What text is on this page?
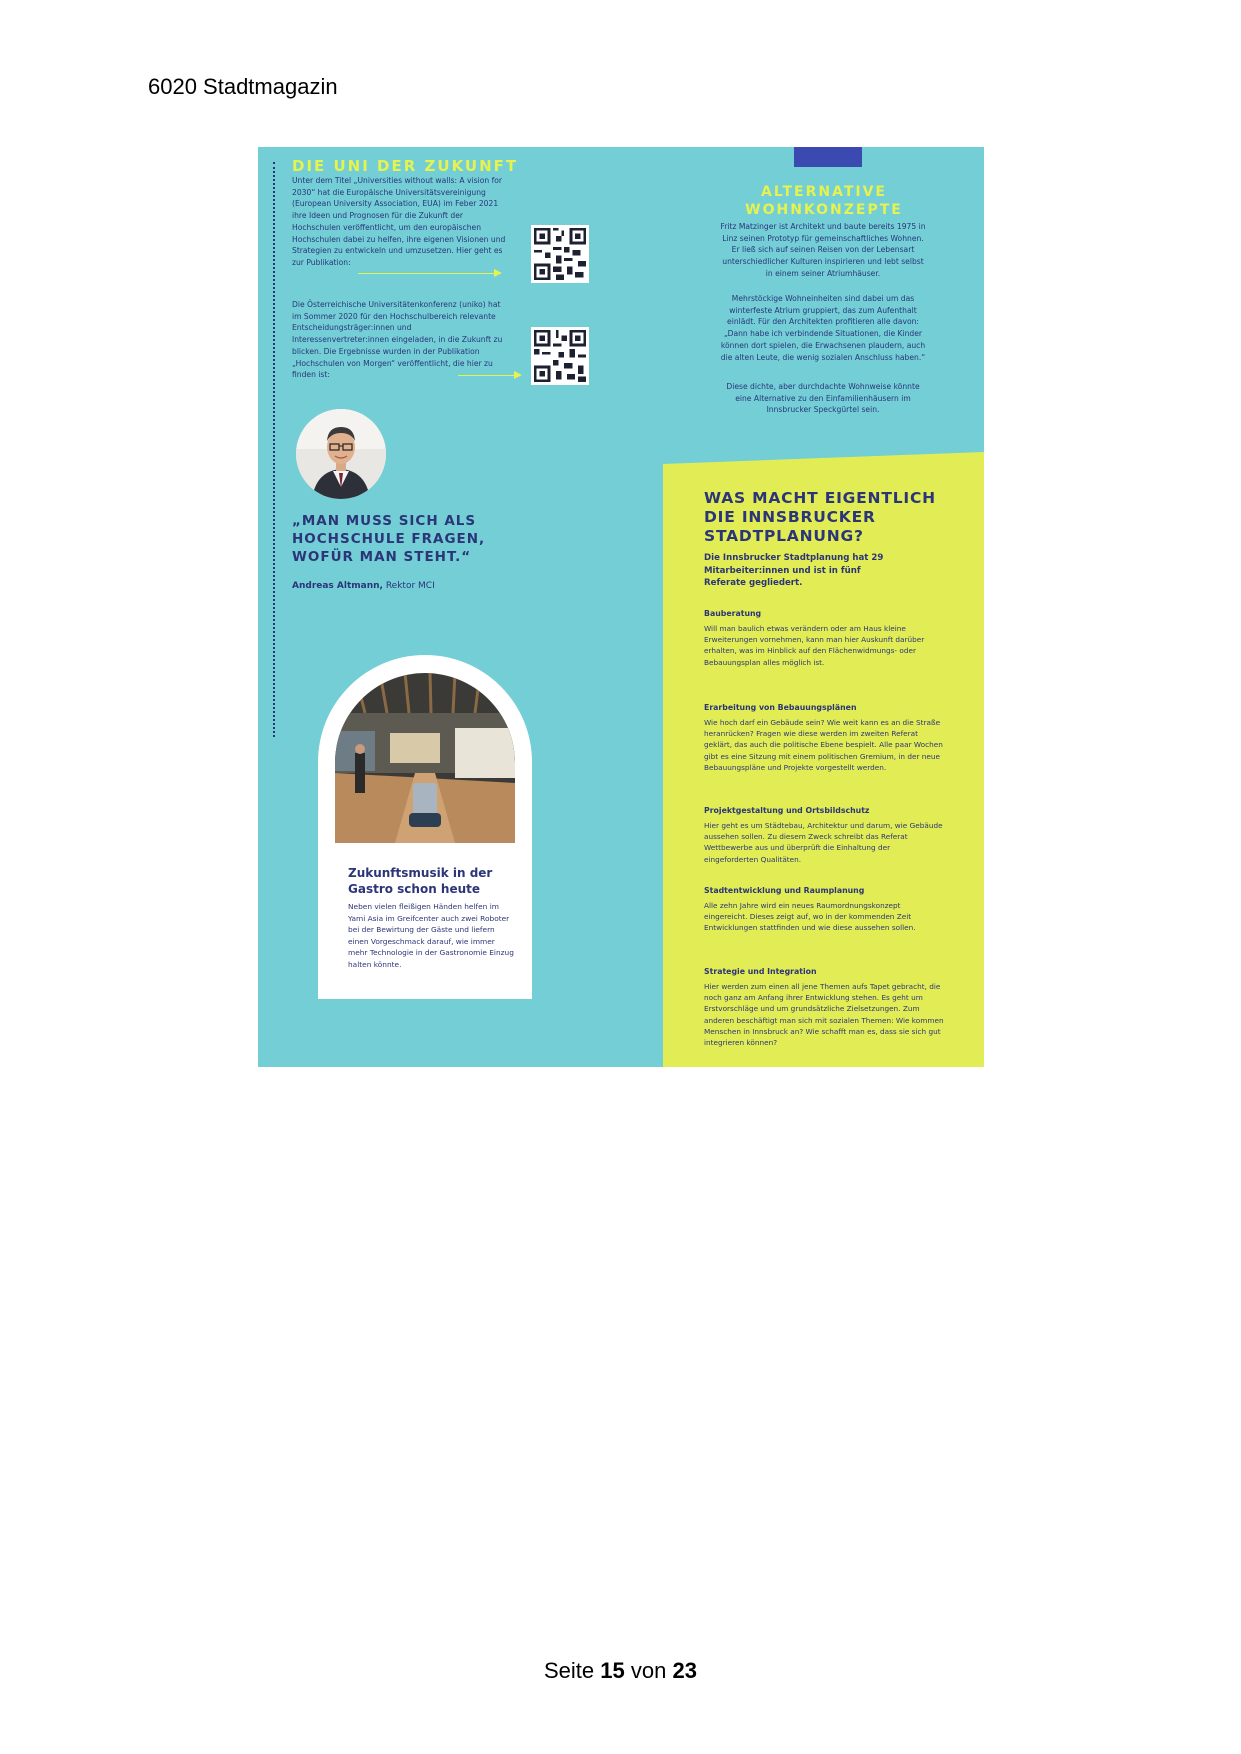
6020 Stadtmagazin
DIE UNI DER ZUKUNFT
Unter dem Titel „Universities without walls: A vision for 2030“ hat die Europäische Universitätsvereinigung (European University Association, EUA) im Feber 2021 ihre Ideen und Prognosen für die Zukunft der Hochschulen veröffentlicht, um den europäischen Hochschulen dabei zu helfen, ihre eigenen Visionen und Strategien zu entwickeln und umzusetzen. Hier geht es zur Publikation:
Die Österreichische Universitätenkonferenz (uniko) hat im Sommer 2020 für den Hochschulbereich relevante Entscheidungsträger:innen und Interessenvertreter:innen eingeladen, in die Zukunft zu blicken. Die Ergebnisse wurden in der Publikation „Hochschulen von Morgen“ veröffentlicht, die hier zu finden ist:
ALTERNATIVE
WOHNKONZEPTE
Fritz Matzinger ist Architekt und baute bereits 1975 in Linz seinen Prototyp für gemeinschaftliches Wohnen. Er ließ sich auf seinen Reisen von der Lebensart unterschiedlicher Kulturen inspirieren und lebt selbst in einem seiner Atriumhäuser.
Mehrstöckige Wohneinheiten sind dabei um das winterfeste Atrium gruppiert, das zum Aufenthalt einlädt. Für den Architekten profitieren alle davon: „Dann habe ich verbindende Situationen, die Kinder können dort spielen, die Erwachsenen plaudern, auch die alten Leute, die wenig sozialen Anschluss haben.“
Diese dichte, aber durchdachte Wohnweise könnte eine Alternative zu den Einfamilienhäusern im Innsbrucker Speckgürtel sein.
„MAN MUSS SICH ALS HOCHSCHULE FRAGEN, WOFÜR MAN STEHT.“
Andreas Altmann, Rektor MCI
Zukunftsmusik in der Gastro schon heute
Neben vielen fleißigen Händen helfen im Yami Asia im Greifcenter auch zwei Roboter bei der Bewirtung der Gäste und liefern einen Vorgeschmack darauf, wie immer mehr Technologie in der Gastronomie Einzug halten könnte.
WAS MACHT EIGENTLICH DIE INNSBRUCKER STADTPLANUNG?
Die Innsbrucker Stadtplanung hat 29 Mitarbeiter:innen und ist in fünf Referate gegliedert.
Bauberatung
Will man baulich etwas verändern oder am Haus kleine Erweiterungen vornehmen, kann man hier Auskunft darüber erhalten, was im Hinblick auf den Flächenwidmungs- oder Bebauungsplan alles möglich ist.
Erarbeitung von Bebauungsplänen
Wie hoch darf ein Gebäude sein? Wie weit kann es an die Straße heranrücken? Fragen wie diese werden im zweiten Referat geklärt, das auch die politische Ebene bespielt. Alle paar Wochen gibt es eine Sitzung mit einem politischen Gremium, in der neue Bebauungspläne und Projekte vorgestellt werden.
Projektgestaltung und Ortsbildschutz
Hier geht es um Städtebau, Architektur und darum, wie Gebäude aussehen sollen. Zu diesem Zweck schreibt das Referat Wettbewerbe aus und überprüft die Einhaltung der eingeforderten Qualitäten.
Stadtentwicklung und Raumplanung
Alle zehn Jahre wird ein neues Raumordnungskonzept eingereicht. Dieses zeigt auf, wo in der kommenden Zeit Entwicklungen stattfinden und wie diese aussehen sollen.
Strategie und Integration
Hier werden zum einen all jene Themen aufs Tapet gebracht, die noch ganz am Anfang ihrer Entwicklung stehen. Es geht um Erstvorschläge und um grundsätzliche Zielsetzungen. Zum anderen beschäftigt man sich mit sozialen Themen: Wie kommen Menschen in Innsbruck an? Wie schafft man es, dass sie sich gut integrieren können?
Seite 15 von 23
